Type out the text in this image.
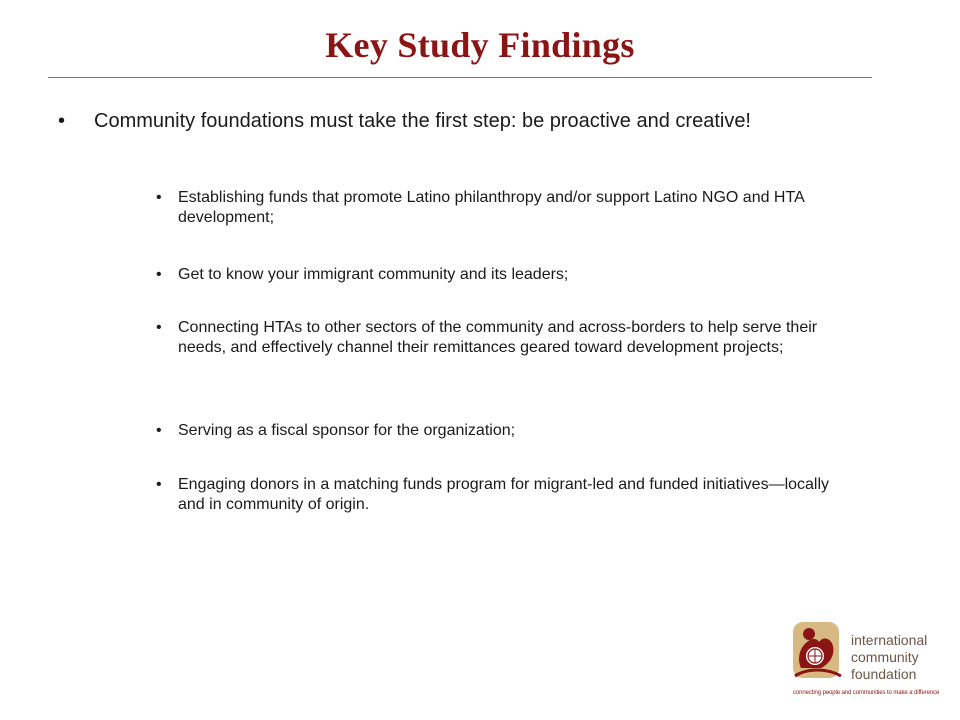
Key Study Findings
• Community foundations must take the first step: be proactive and creative!
• Establishing funds that promote Latino philanthropy and/or support Latino NGO and HTA development;
• Get to know your immigrant community and its leaders;
• Connecting HTAs to other sectors of the community and across-borders to help serve their needs, and effectively channel their remittances geared toward development projects;
• Serving as a fiscal sponsor for the organization;
• Engaging donors in a matching funds program for migrant-led and funded initiatives—locally and in community of origin.
international
community
foundation
connecting people and communities to make a difference
